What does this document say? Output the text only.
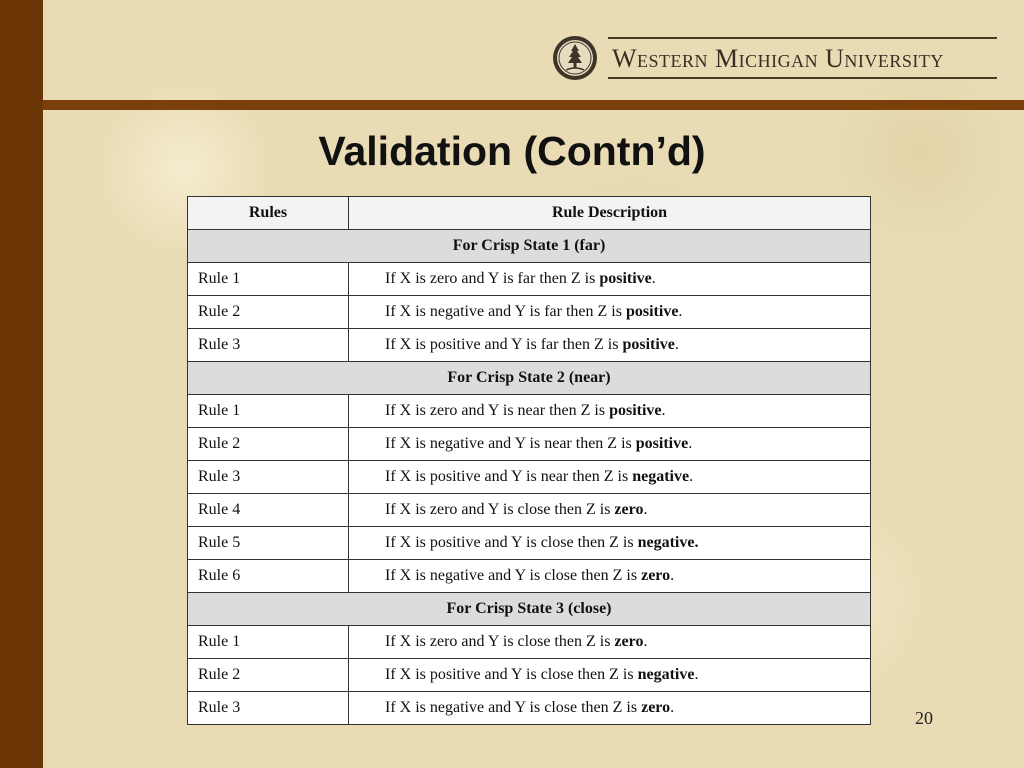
Western Michigan University
Validation (Contn’d)
Rules	Rule Description
For Crisp State 1 (far)	
Rule 1	If X is zero and Y is far then Z is positive.
Rule 2	If X is negative and Y is far then Z is positive.
Rule 3	If X is positive and Y is far then Z is positive.
For Crisp State 2 (near)	
Rule 1	If X is zero and Y is near then Z is positive.
Rule 2	If X is negative and Y is near then Z is positive.
Rule 3	If X is positive and Y is near then Z is negative.
Rule 4	If X is zero and Y is close then Z is zero.
Rule 5	If X is positive and Y is close then Z is negative.
Rule 6	If X is negative and Y is close then Z is zero.
For Crisp State 3 (close)	
Rule 1	If X is zero and Y is close then Z is zero.
Rule 2	If X is positive and Y is close then Z is negative.
Rule 3	If X is negative and Y is close then Z is zero.
20
